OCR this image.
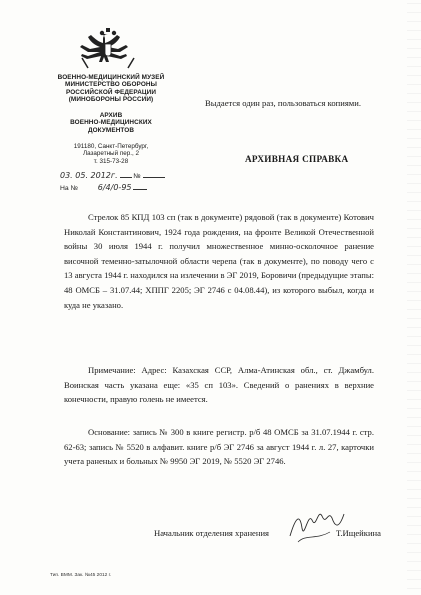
ВОЕННО-МЕДИЦИНСКИЙ МУЗЕЙ
МИНИСТЕРСТВО ОБОРОНЫ
РОССИЙСКОЙ ФЕДЕРАЦИИ
(МИНОБОРОНЫ РОССИИ)
АРХИВ
ВОЕННО-МЕДИЦИНСКИХ
ДОКУМЕНТОВ
191180, Санкт-Петербург,
Лазаретный пер., 2
т. 315-73-28
03. 05. 2012г. №
На № 6/4/0-95
Выдается один раз, пользоваться копиями.
АРХИВНАЯ СПРАВКА

Стрелок 85 КПД 103 сп (так в документе) рядовой (так в документе) Котович Николай Константинович, 1924 года рождения, на фронте Великой Отечественной войны 30 июля 1944 г. получил множественное минно-осколочное ранение височной теменно-затылочной области черепа (так в документе), по поводу чего с 13 августа 1944 г. находился на излечении в ЭГ 2019, Боровичи (предыдущие этапы: 48 ОМСБ – 31.07.44; ХППГ 2205; ЭГ 2746 с 04.08.44), из которого выбыл, когда и куда не указано.

Примечание: Адрес: Казахская ССР, Алма-Атинская обл., ст. Джамбул. Воинская часть указана еще: «35 сп 103». Сведений о ранениях в верхние конечности, правую голень не имеется.

Основание: запись № 300 в книге регистр. р/б 48 ОМСБ за 31.07.1944 г. стр. 62-63; запись № 5520 в алфавит. книге р/б ЭГ 2746 за август 1944 г. л. 27, карточки учета раненых и больных № 9950 ЭГ 2019, № 5520 ЭГ 2746.

Начальник отделения хранения	Т.Ищейкина
Тип. ВММ. Зак. №45 2012 г.
